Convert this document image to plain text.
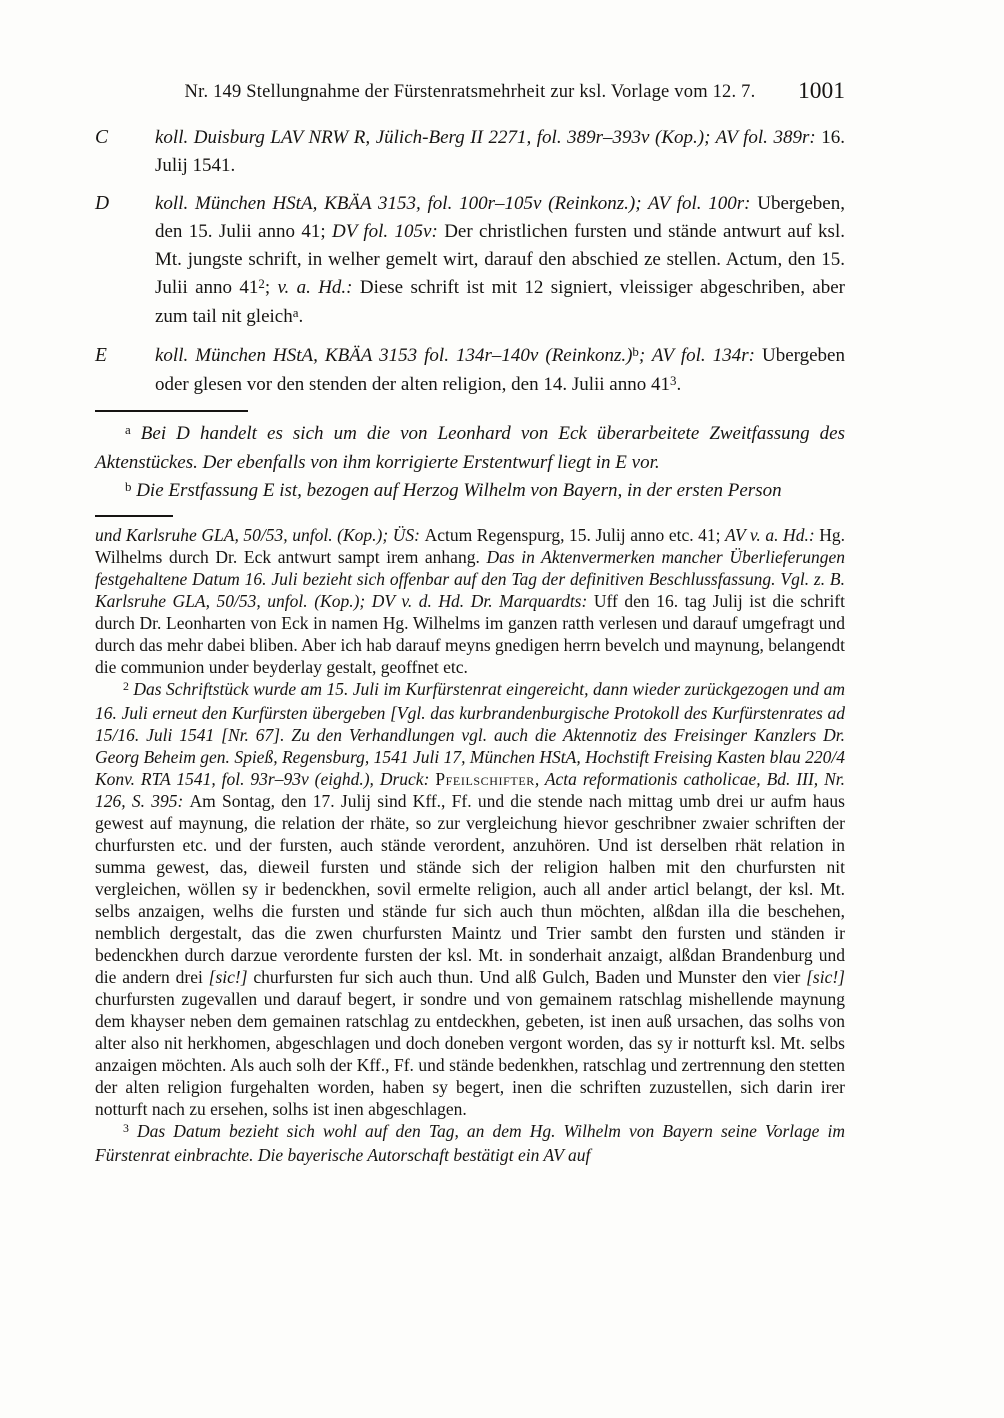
Nr. 149 Stellungnahme der Fürstenratsmehrheit zur ksl. Vorlage vom 12. 7.	1001
C	koll. Duisburg LAV NRW R, Jülich-Berg II 2271, fol. 389r–393v (Kop.); AV fol. 389r: 16. Julij 1541.
D	koll. München HStA, KBÄA 3153, fol. 100r–105v (Reinkonz.); AV fol. 100r: Ubergeben, den 15. Julii anno 41; DV fol. 105v: Der christlichen fursten und stände antwurt auf ksl. Mt. jungste schrift, in welher gemelt wirt, darauf den abschied ze stellen. Actum, den 15. Julii anno $41^2$; v. a. Hd.: Diese schrift ist mit 12 signiert, vleissiger abgeschriben, aber zum tail nit gleich$^a$.
E	koll. München HStA, KBÄA 3153 fol. 134r–140v (Reinkonz.)$^b$; AV fol. 134r: Ubergeben oder glesen vor den stenden der alten religion, den 14. Julii anno $41^3$.

$^a$ Bei D handelt es sich um die von Leonhard von Eck überarbeitete Zweitfassung des Aktenstückes. Der ebenfalls von ihm korrigierte Erstentwurf liegt in E vor.

$^b$ Die Erstfassung E ist, bezogen auf Herzog Wilhelm von Bayern, in der ersten Person

und Karlsruhe GLA, 50/53, unfol. (Kop.); ÜS: Actum Regenspurg, 15. Julij anno etc. 41; AV v. a. Hd.: Hg. Wilhelms durch Dr. Eck antwurt sampt irem anhang. Das in Aktenvermerken mancher Überlieferungen festgehaltene Datum 16. Juli bezieht sich offenbar auf den Tag der definitiven Beschlussfassung. Vgl. z. B. Karlsruhe GLA, 50/53, unfol. (Kop.); DV v. d. Hd. Dr. Marquardts: Uff den 16. tag Julij ist die schrift durch Dr. Leonharten von Eck in namen Hg. Wilhelms im ganzen ratth verlesen und darauf umgefragt und durch das mehr dabei bliben. Aber ich hab darauf meyns gnedigen herrn bevelch und maynung, belangendt die communion under beyderlay gestalt, geoffnet etc.

$^2$ Das Schriftstück wurde am 15. Juli im Kurfürstenrat eingereicht, dann wieder zurückgezogen und am 16. Juli erneut den Kurfürsten übergeben [Vgl. das kurbrandenburgische Protokoll des Kurfürstenrates ad 15/16. Juli 1541 [Nr. 67]. Zu den Verhandlungen vgl. auch die Aktennotiz des Freisinger Kanzlers Dr. Georg Beheim gen. Spieß, Regensburg, 1541 Juli 17, München HStA, Hochstift Freising Kasten blau 220/4 Konv. RTA 1541, fol. 93r–93v (eighd.), Druck: Pfeilschifter, Acta reformationis catholicae, Bd. III, Nr. 126, S. 395: Am Sontag, den 17. Julij sind Kff., Ff. und die stende nach mittag umb drei ur aufm haus gewest auf maynung, die relation der rhäte, so zur vergleichung hievor geschribner zwaier schriften der churfursten etc. und der fursten, auch stände verordent, anzuhören. Und ist derselben rhät relation in summa gewest, das, dieweil fursten und stände sich der religion halben mit den churfursten nit vergleichen, wöllen sy ir bedenckhen, sovil ermelte religion, auch all ander articl belangt, der ksl. Mt. selbs anzaigen, welhs die fursten und stände fur sich auch thun möchten, alßdan illa die beschehen, nemblich dergestalt, das die zwen churfursten Maintz und Trier sambt den fursten und ständen ir bedenckhen durch darzue verordente fursten der ksl. Mt. in sonderhait anzaigt, alßdan Brandenburg und die andern drei [sic!] churfursten fur sich auch thun. Und alß Gulch, Baden und Munster den vier [sic!] churfursten zugevallen und darauf begert, ir sondre und von gemainem ratschlag mishellende maynung dem khayser neben dem gemainen ratschlag zu entdeckhen, gebeten, ist inen auß ursachen, das solhs von alter also nit herkhomen, abgeschlagen und doch doneben vergont worden, das sy ir notturft ksl. Mt. selbs anzaigen möchten. Als auch solh der Kff., Ff. und stände bedenkhen, ratschlag und zertrennung den stetten der alten religion furgehalten worden, haben sy begert, inen die schriften zuzustellen, sich darin irer notturft nach zu ersehen, solhs ist inen abgeschlagen.

$^3$ Das Datum bezieht sich wohl auf den Tag, an dem Hg. Wilhelm von Bayern seine Vorlage im Fürstenrat einbrachte. Die bayerische Autorschaft bestätigt ein AV auf
